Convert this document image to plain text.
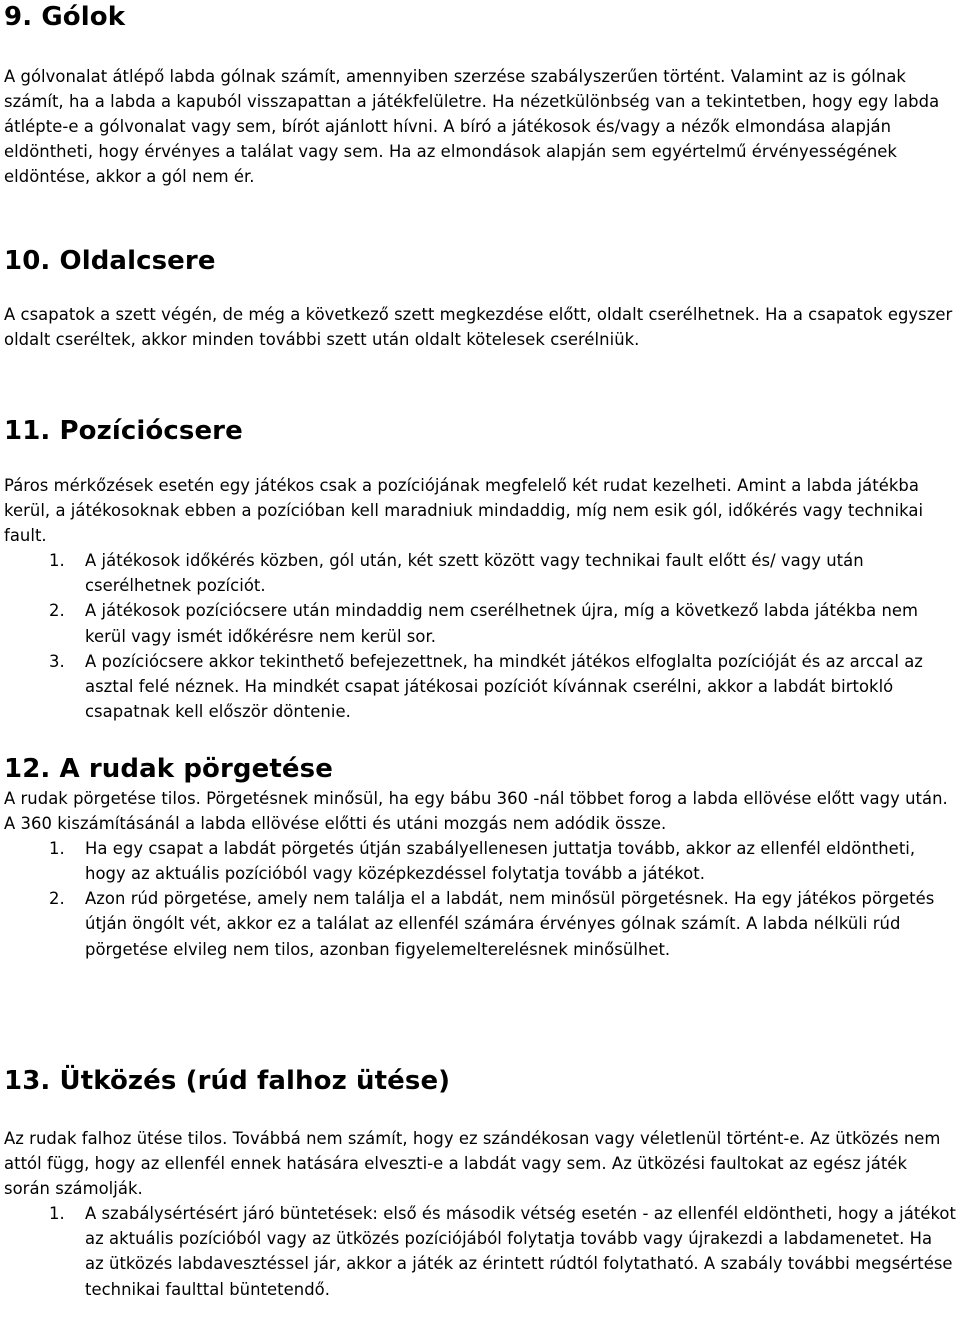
9. Gólok

A gólvonalat átlépő labda gólnak számít, amennyiben szerzése szabályszerűen történt. Valamint az is gólnak számít, ha a labda a kapuból visszapattan a játékfelületre. Ha nézetkülönbség van a tekintetben, hogy egy labda átlépte-e a gólvonalat vagy sem, bírót ajánlott hívni. A bíró a játékosok és/vagy a nézők elmondása alapján eldöntheti, hogy érvényes a találat vagy sem. Ha az elmondások alapján sem egyértelmű érvényességének eldöntése, akkor a gól nem ér.

10. Oldalcsere

A csapatok a szett végén, de még a következő szett megkezdése előtt, oldalt cserélhetnek. Ha a csapatok egyszer oldalt cseréltek, akkor minden további szett után oldalt kötelesek cserélniük.

11. Pozíciócsere

Páros mérkőzések esetén egy játékos csak a pozíciójának megfelelő két rudat kezelheti. Amint a labda játékba kerül, a játékosoknak ebben a pozícióban kell maradniuk mindaddig, míg nem esik gól, időkérés vagy technikai fault.

1. A játékosok időkérés közben, gól után, két szett között vagy technikai fault előtt és/ vagy után cserélhetnek pozíciót.
2. A játékosok pozíciócsere után mindaddig nem cserélhetnek újra, míg a következő labda játékba nem kerül vagy ismét időkérésre nem kerül sor.
3. A pozíciócsere akkor tekinthető befejezettnek, ha mindkét játékos elfoglalta pozícióját és az arccal az asztal felé néznek. Ha mindkét csapat játékosai pozíciót kívánnak cserélni, akkor a labdát birtokló csapatnak kell először döntenie.
12. A rudak pörgetése

A rudak pörgetése tilos. Pörgetésnek minősül, ha egy bábu 360 -nál többet forog a labda ellövése előtt vagy után. A 360 kiszámításánál a labda ellövése előtti és utáni mozgás nem adódik össze.

1. Ha egy csapat a labdát pörgetés útján szabályellenesen juttatja tovább, akkor az ellenfél eldöntheti, hogy az aktuális pozícióból vagy középkezdéssel folytatja tovább a játékot.
2. Azon rúd pörgetése, amely nem találja el a labdát, nem minősül pörgetésnek. Ha egy játékos pörgetés útján öngólt vét, akkor ez a találat az ellenfél számára érvényes gólnak számít. A labda nélküli rúd pörgetése elvileg nem tilos, azonban figyelemelterelésnek minősülhet.
13. Ütközés (rúd falhoz ütése)

Az rudak falhoz ütése tilos. Továbbá nem számít, hogy ez szándékosan vagy véletlenül történt-e. Az ütközés nem attól függ, hogy az ellenfél ennek hatására elveszti-e a labdát vagy sem. Az ütközési faultokat az egész játék során számolják.

1. A szabálysértésért járó büntetések: első és második vétség esetén - az ellenfél eldöntheti, hogy a játékot az aktuális pozícióból vagy az ütközés pozíciójából folytatja tovább vagy újrakezdi a labdamenetet. Ha az ütközés labdavesztéssel jár, akkor a játék az érintett rúdtól folytatható. A szabály további megsértése technikai faulttal büntetendő.
